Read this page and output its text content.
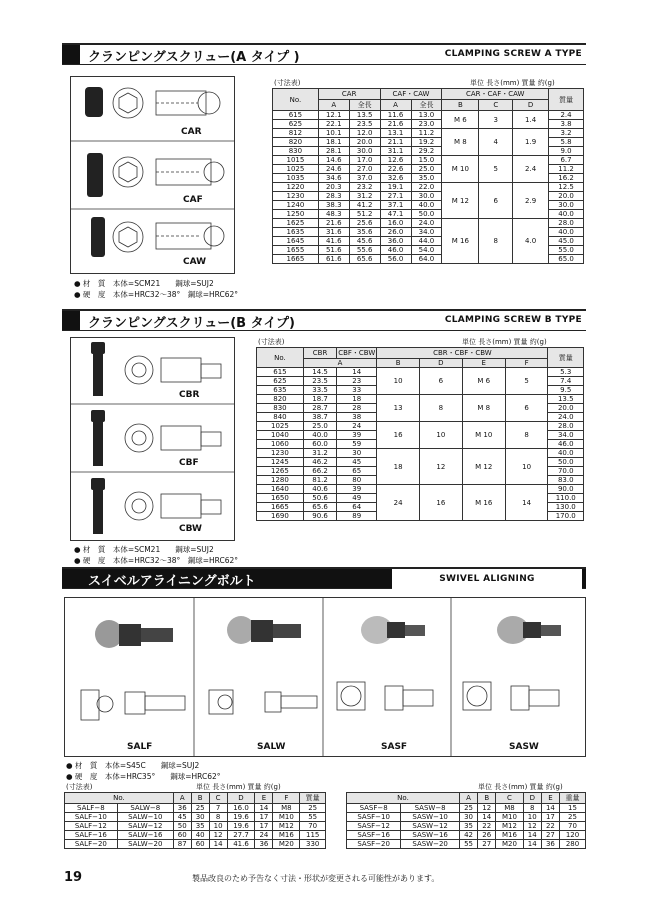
クランピングスクリュー(A タイプ )	CLAMPING SCREW A TYPE
CAR
CAF
CAW
● 材　質　本体=SCM21　　鋼球=SUJ2
● 硬　度　本体=HRC32～38°　鋼球=HRC62°
(寸法表)	単位 長さ(mm) 質量 約(g)
No.	CAR		CAF・CAW		CAR・CAF・CAW			質量
	A	全長	A	全長	B	C	D	
615	12.1	13.5	11.6	13.0	M 6	3	1.4	2.4
625	22.1	23.5	21.6	23.0				3.8
812	10.1	12.0	13.1	11.2	M 8	4	1.9	3.2
820	18.1	20.0	21.1	19.2				5.8
830	28.1	30.0	31.1	29.2				9.0
1015	14.6	17.0	12.6	15.0	M 10	5	2.4	6.7
1025	24.6	27.0	22.6	25.0				11.2
1035	34.6	37.0	32.6	35.0				16.2
1220	20.3	23.2	19.1	22.0	M 12	6	2.9	12.5
1230	28.3	31.2	27.1	30.0				20.0
1240	38.3	41.2	37.1	40.0				30.0
1250	48.3	51.2	47.1	50.0				40.0
1625	21.6	25.6	16.0	24.0	M 16	8	4.0	28.0
1635	31.6	35.6	26.0	34.0				40.0
1645	41.6	45.6	36.0	44.0				45.0
1655	51.6	55.6	46.0	54.0				55.0
1665	61.6	65.6	56.0	64.0				65.0
クランピングスクリュー(B タイプ)	CLAMPING SCREW B TYPE
CBR
CBF
CBW
● 材　質　本体=SCM21　　鋼球=SUJ2
● 硬　度　本体=HRC32～38°　鋼球=HRC62°
(寸法表)	単位 長さ(mm) 質量 約(g)
No.	CBR	CBF・CBW	CBR・CBF・CBW				質量
	A		B	D	E	F	
615	14.5	14	10	6	M 6	5	5.3
625	23.5	23					7.4
635	33.5	33					9.5
820	18.7	18	13	8	M 8	6	13.5
830	28.7	28					20.0
840	38.7	38					24.0
1025	25.0	24	16	10	M 10	8	28.0
1040	40.0	39					34.0
1060	60.0	59					46.0
1230	31.2	30	18	12	M 12	10	40.0
1245	46.2	45					50.0
1265	66.2	65					70.0
1280	81.2	80					83.0
1640	40.6	39	24	16	M 16	14	90.0
1650	50.6	49					110.0
1665	65.6	64					130.0
1690	90.6	89					170.0
スイベルアライニングボルト	SWIVEL ALIGNING
SALF	SALW	SASF	SASW
● 材　質　本体=S45C　　鋼球=SUJ2
● 硬　度　本体=HRC35°　　鋼球=HRC62°
(寸法表)	単位 長さ(mm) 質量 約(g)
No.		A	B	C	D	E	F	質量
SALF−8	SALW−8	36	25	7	16.0	14	M8	25
SALF−10	SALW−10	45	30	8	19.6	17	M10	55
SALF−12	SALW−12	50	35	10	19.6	17	M12	70
SALF−16	SALW−16	60	40	12	27.7	24	M16	115
SALF−20	SALW−20	87	60	14	41.6	36	M20	330
単位 長さ(mm) 質量 約(g)
No.		A	B	C	D	E	重量
SASF−8	SASW−8	25	12	M8	8	14	15
SASF−10	SASW−10	30	14	M10	10	17	25
SASF−12	SASW−12	35	22	M12	12	22	70
SASF−16	SASW−16	42	26	M16	14	27	120
SASF−20	SASW−20	55	27	M20	14	36	280
19	製品改良のため予告なく寸法・形状が変更される可能性があります。
